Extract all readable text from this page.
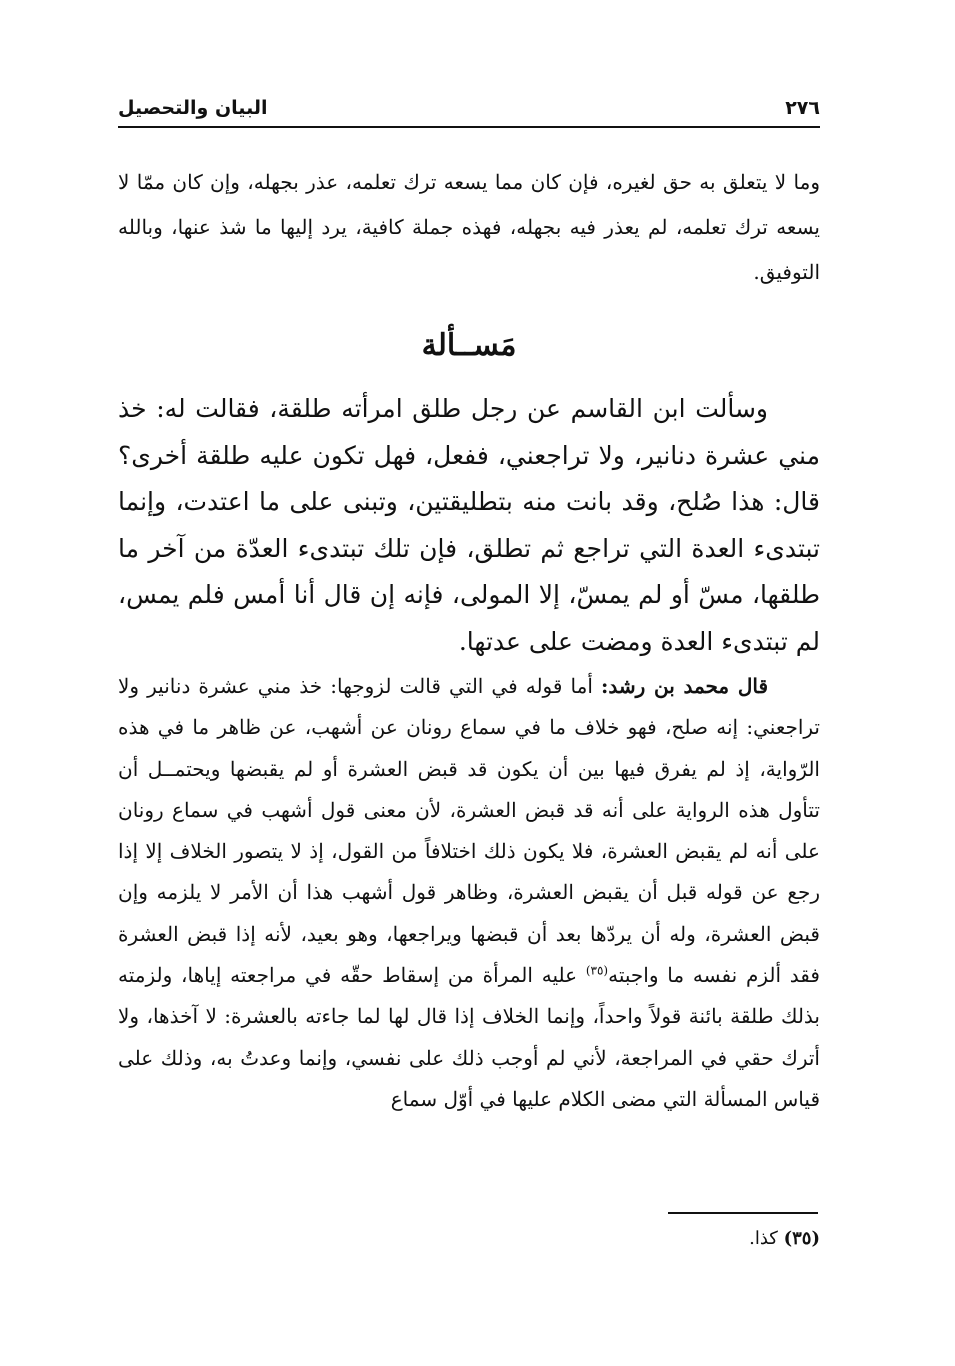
٢٧٦
البيان والتحصيل

وما لا يتعلق به حق لغيره، فإن كان مما يسعه ترك تعلمه، عذر بجهله، وإن كان ممّا لا يسعه ترك تعلمه، لم يعذر فيه بجهله، فهذه جملة كافية، يرد إليها ما شذ عنها، وبالله التوفيق.

مَســألة

وسألت ابن القاسم عن رجل طلق امرأته طلقة، فقالت له: خذ مني عشرة دنانير، ولا تراجعني، ففعل، فهل تكون عليه طلقة أخرى؟ قال: هذا صُلح، وقد بانت منه بتطليقتين، وتبنى على ما اعتدت، وإنما تبتدىء العدة التي تراجع ثم تطلق، فإن تلك تبتدىء العدّة من آخر ما طلقها، مسّ أو لم يمسّ، إلا المولى، فإنه إن قال أنا أمس فلم يمس، لم تبتدىء العدة ومضت على عدتها.

قال محمد بن رشد: أما قوله في التي قالت لزوجها: خذ مني عشرة دنانير ولا تراجعني: إنه صلح، فهو خلاف ما في سماع رونان عن أشهب، عن ظاهر ما في هذه الرّواية، إذ لم يفرق فيها بين أن يكون قد قبض العشرة أو لم يقبضها ويحتمــل أن تتأول هذه الرواية على أنه قد قبض العشرة، لأن معنى قول أشهب في سماع رونان على أنه لم يقبض العشرة، فلا يكون ذلك اختلافاً من القول، إذ لا يتصور الخلاف إلا إذا رجع عن قوله قبل أن يقبض العشرة، وظاهر قول أشهب هذا أن الأمر لا يلزمه وإن قبض العشرة، وله أن يردّها بعد أن قبضها ويراجعها، وهو بعيد، لأنه إذا قبض العشرة فقد ألزم نفسه ما واجبته$^{(٣٥)}$ عليه المرأة من إسقاط حقّه في مراجعته إياها، ولزمته بذلك طلقة بائنة قولاً واحداً، وإنما الخلاف إذا قال لها لما جاءته بالعشرة: لا آخذها، ولا أترك حقي في المراجعة، لأني لم أوجب ذلك على نفسي، وإنما وعدتُ به، وذلك على قياس المسألة التي مضى الكلام عليها في أوّل سماع

(٣٥) كذا.
